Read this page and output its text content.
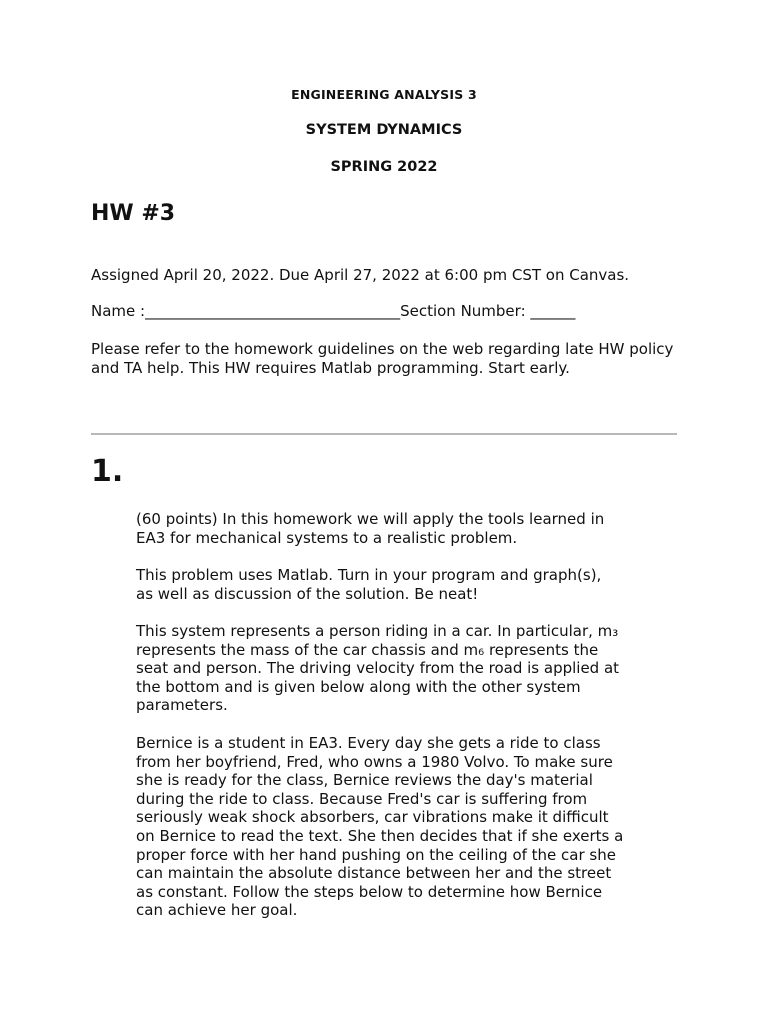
ENGINEERING ANALYSIS 3
SYSTEM DYNAMICS
SPRING 2022
HW #3
Assigned April 20, 2022. Due April 27, 2022 at 6:00 pm CST on Canvas.
Name :__________________________________Section Number: ______
Please refer to the homework guidelines on the web regarding late HW policy
and TA help. This HW requires Matlab programming. Start early.
1.
(60 points) In this homework we will apply the tools learned in
EA3 for mechanical systems to a realistic problem.
This problem uses Matlab. Turn in your program and graph(s),
as well as discussion of the solution. Be neat!
This system represents a person riding in a car. In particular, m₃
represents the mass of the car chassis and m₆ represents the
seat and person. The driving velocity from the road is applied at
the bottom and is given below along with the other system
parameters.
Bernice is a student in EA3. Every day she gets a ride to class
from her boyfriend, Fred, who owns a 1980 Volvo. To make sure
she is ready for the class, Bernice reviews the day's material
during the ride to class. Because Fred's car is suffering from
seriously weak shock absorbers, car vibrations make it difficult
on Bernice to read the text. She then decides that if she exerts a
proper force with her hand pushing on the ceiling of the car she
can maintain the absolute distance between her and the street
as constant. Follow the steps below to determine how Bernice
can achieve her goal.
